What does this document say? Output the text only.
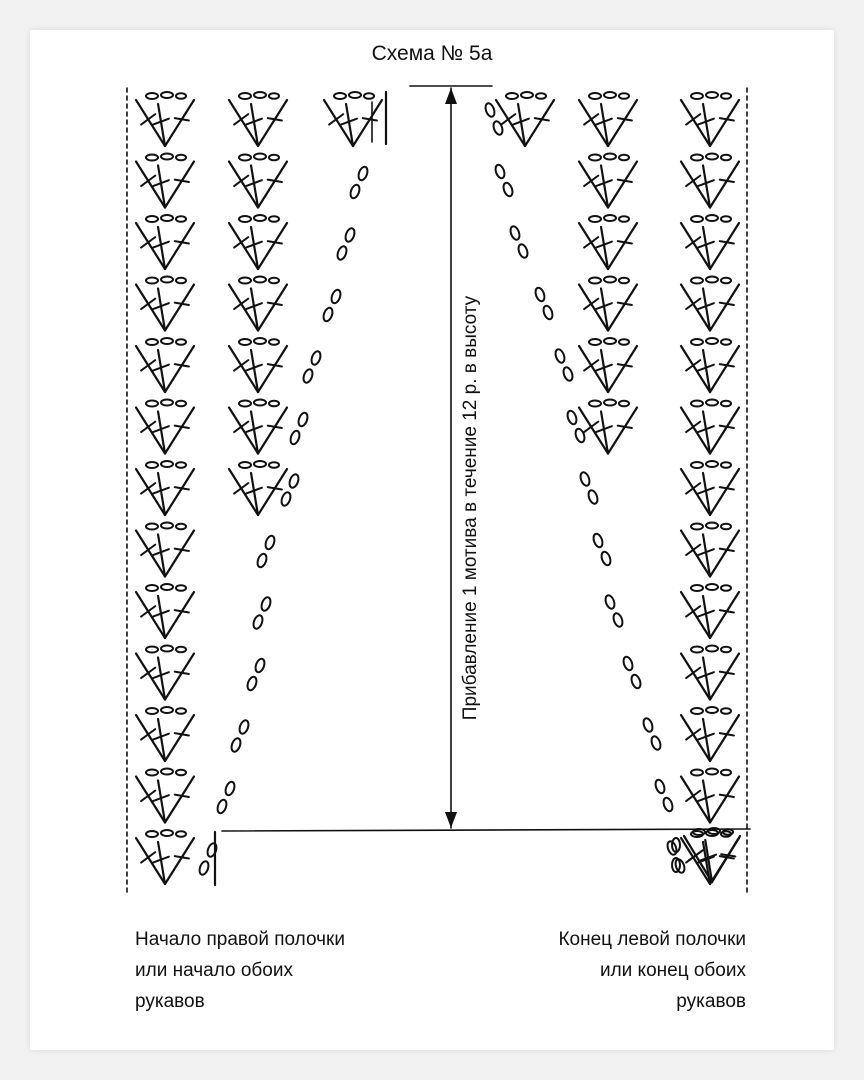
Схема № 5а
Прибавление 1 мотива в течение 12 р. в высоту
Начало правой полочки
или начало обоих
рукавов
Конец левой полочки
или конец обоих
рукавов
